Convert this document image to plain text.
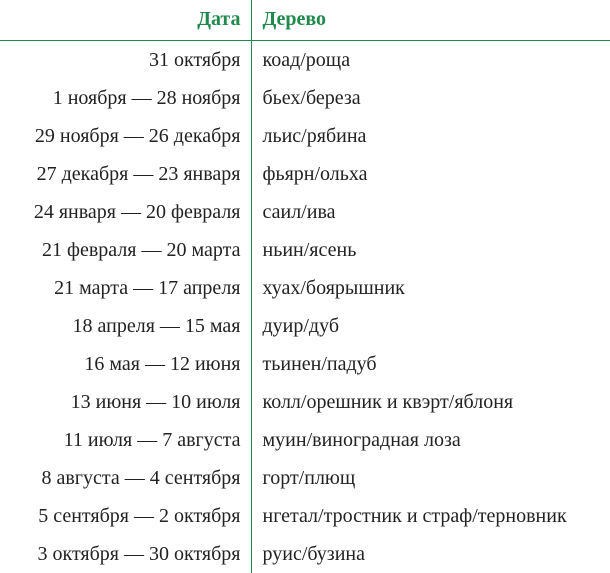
Дата	Дерево
31 октября	коад/роща
1 ноября — 28 ноября	бьех/береза
29 ноября — 26 декабря	льис/рябина
27 декабря — 23 января	фьярн/ольха
24 января — 20 февраля	саил/ива
21 февраля — 20 марта	ньин/ясень
21 марта — 17 апреля	хуах/боярышник
18 апреля — 15 мая	дуир/дуб
16 мая — 12 июня	тьинен/падуб
13 июня — 10 июля	колл/орешник и квэрт/яблоня
11 июля — 7 августа	муин/виноградная лоза
8 августа — 4 сентября	горт/плющ
5 сентября — 2 октября	нгетал/тростник и страф/терновник
3 октября — 30 октября	руис/бузина
